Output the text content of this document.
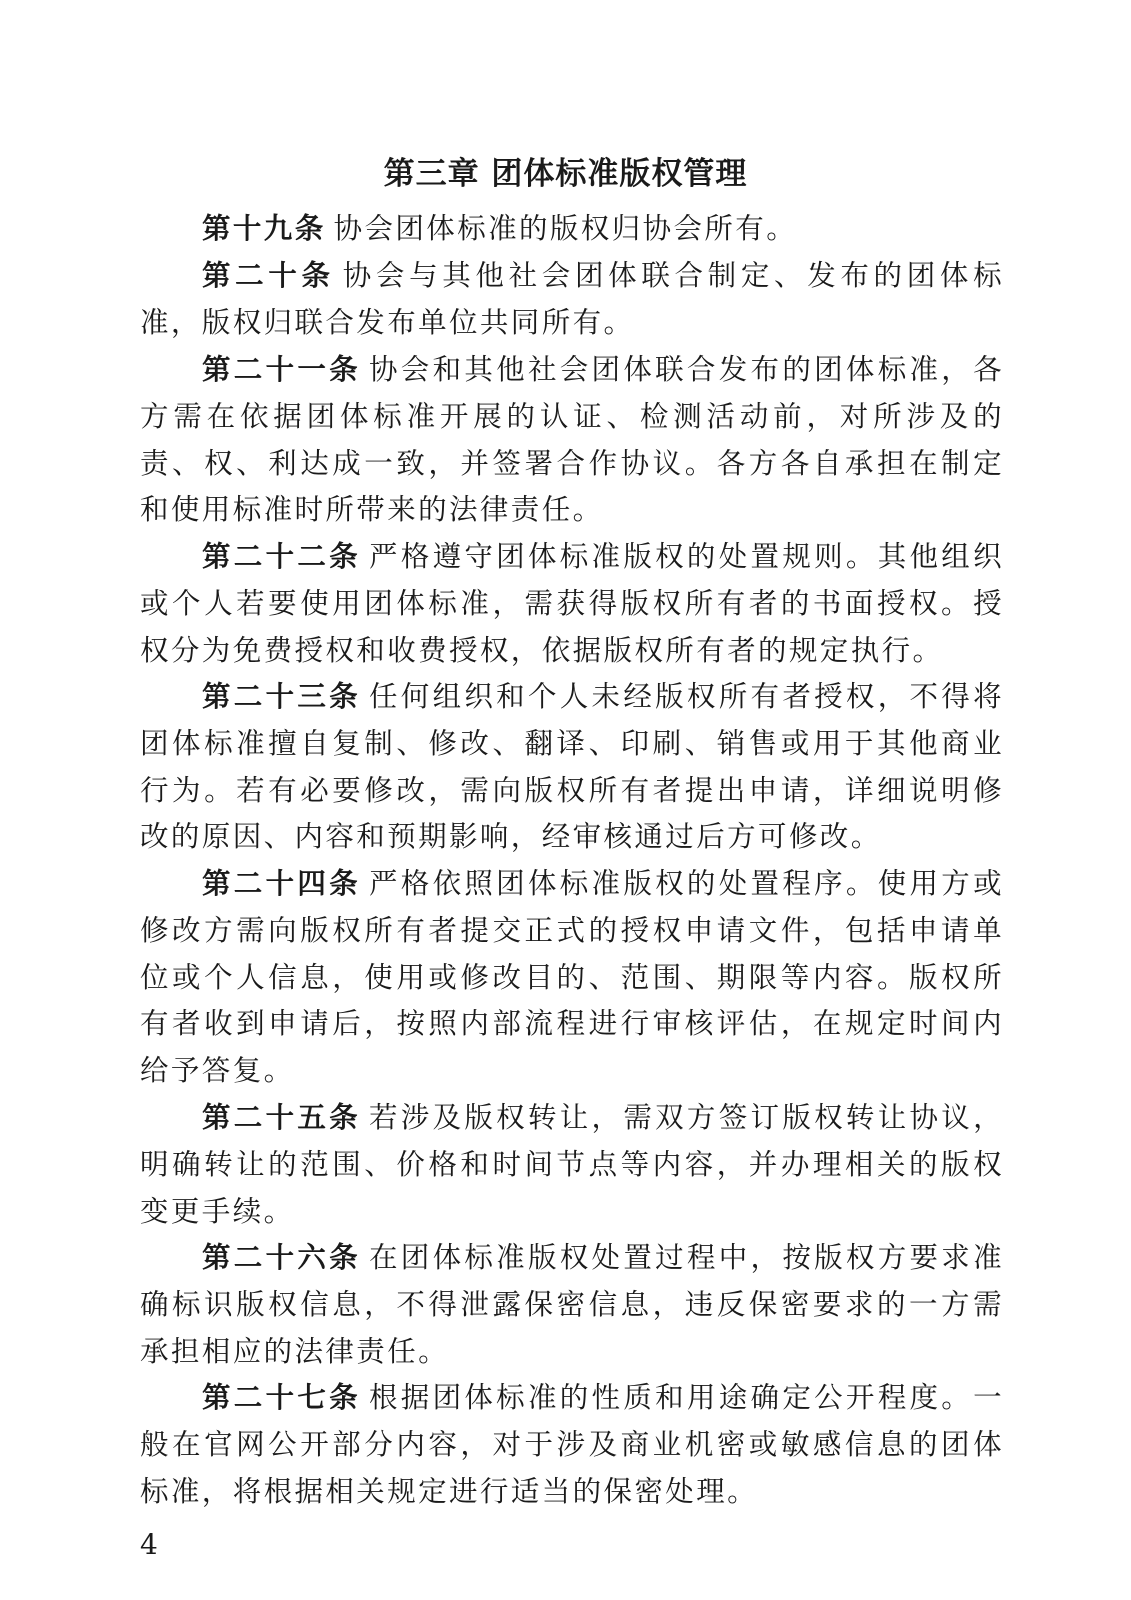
第三章 团体标准版权管理

第十九条 协会团体标准的版权归协会所有。

第二十条 协会与其他社会团体联合制定、发布的团体标准，版权归联合发布单位共同所有。

第二十一条 协会和其他社会团体联合发布的团体标准，各方需在依据团体标准开展的认证、检测活动前，对所涉及的责、权、利达成一致，并签署合作协议。各方各自承担在制定和使用标准时所带来的法律责任。

第二十二条 严格遵守团体标准版权的处置规则。其他组织或个人若要使用团体标准，需获得版权所有者的书面授权。授权分为免费授权和收费授权，依据版权所有者的规定执行。

第二十三条 任何组织和个人未经版权所有者授权，不得将团体标准擅自复制、修改、翻译、印刷、销售或用于其他商业行为。若有必要修改，需向版权所有者提出申请，详细说明修改的原因、内容和预期影响，经审核通过后方可修改。

第二十四条 严格依照团体标准版权的处置程序。使用方或修改方需向版权所有者提交正式的授权申请文件，包括申请单位或个人信息，使用或修改目的、范围、期限等内容。版权所有者收到申请后，按照内部流程进行审核评估，在规定时间内给予答复。

第二十五条 若涉及版权转让，需双方签订版权转让协议，明确转让的范围、价格和时间节点等内容，并办理相关的版权变更手续。

第二十六条 在团体标准版权处置过程中，按版权方要求准确标识版权信息，不得泄露保密信息，违反保密要求的一方需承担相应的法律责任。

第二十七条 根据团体标准的性质和用途确定公开程度。一般在官网公开部分内容，对于涉及商业机密或敏感信息的团体标准，将根据相关规定进行适当的保密处理。

4
